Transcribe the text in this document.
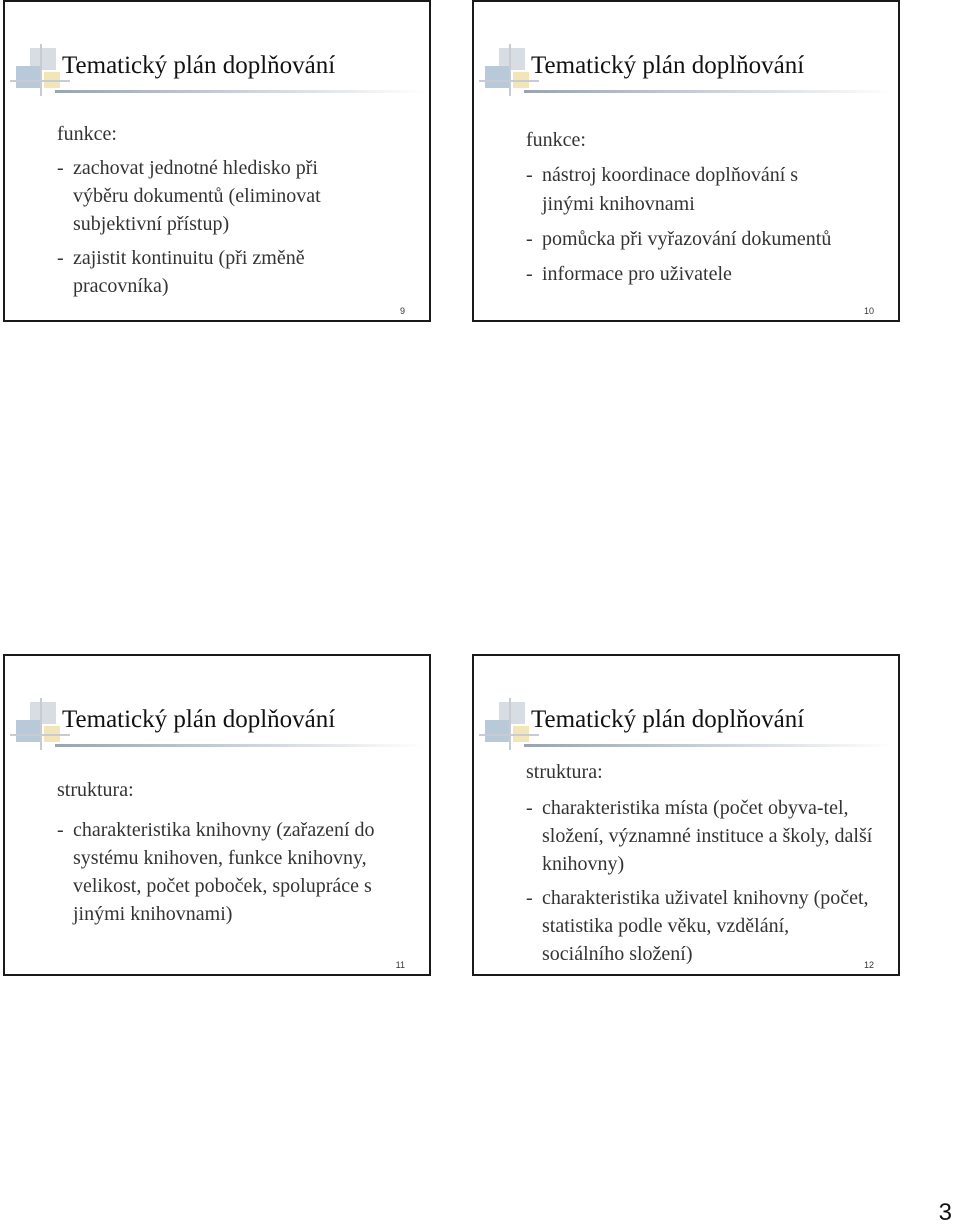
Tematický plán doplňování
funkce:
- zachovat jednotné hledisko při výběru dokumentů (eliminovat subjektivní přístup)
- zajistit kontinuitu (při změně pracovníka)
9
Tematický plán doplňování
funkce:
- nástroj koordinace doplňování s jinými knihovnami
- pomůcka při vyřazování dokumentů
- informace pro uživatele
10
Tematický plán doplňování
struktura:
- charakteristika knihovny (zařazení do systému knihoven, funkce knihovny, velikost, počet poboček, spolupráce s jinými knihovnami)
11
Tematický plán doplňování
struktura:
- charakteristika místa (počet obyva-tel, složení, významné instituce a školy, další knihovny)
- charakteristika uživatel knihovny (počet, statistika podle věku, vzdělání, sociálního složení)	12
3
